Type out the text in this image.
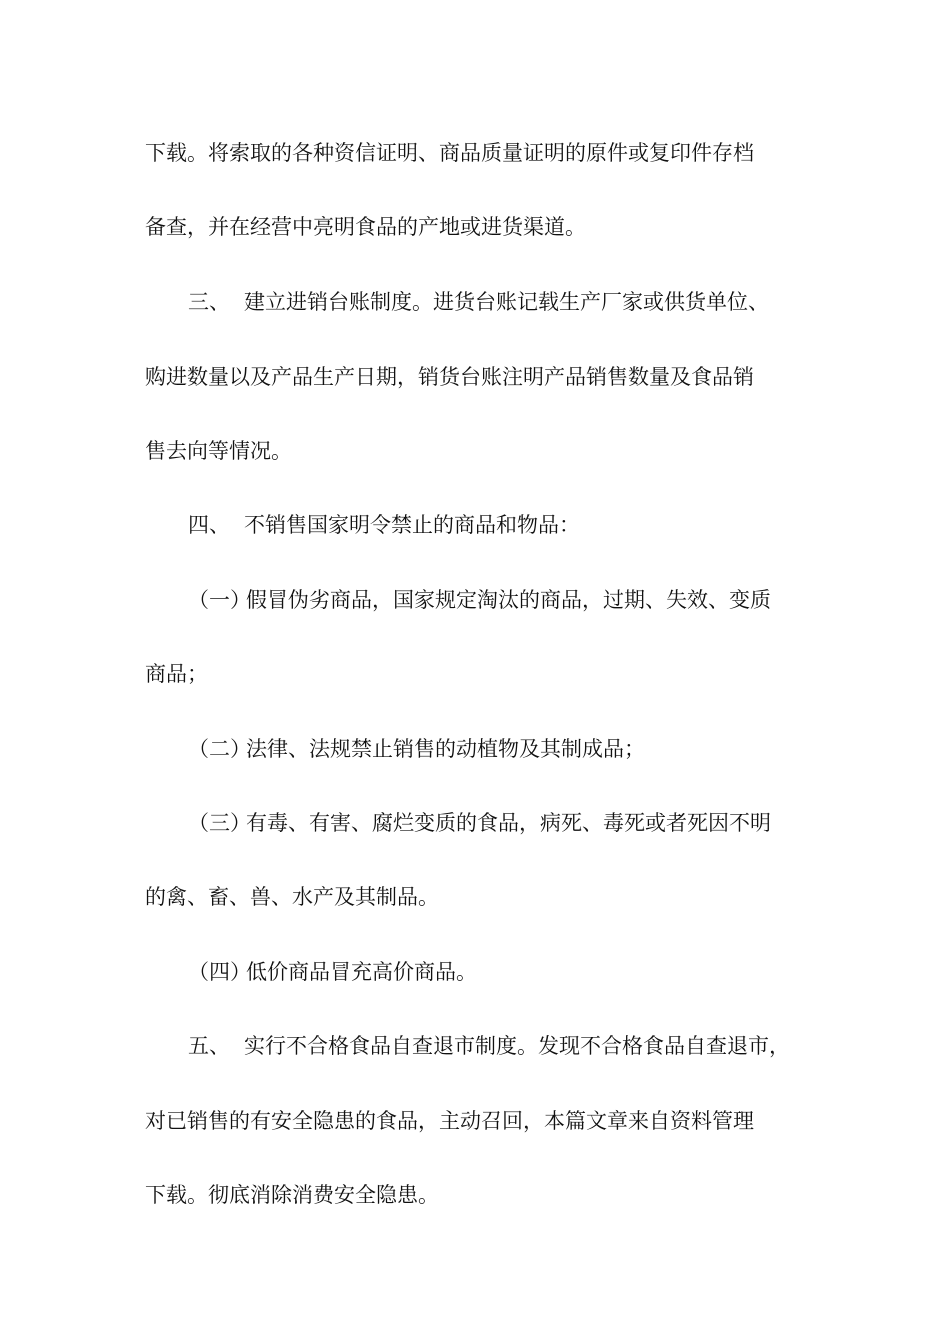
下载。将索取的各种资信证明、商品质量证明的原件或复印件存档
备查，并在经营中亮明食品的产地或进货渠道。
三、 建立进销台账制度。进货台账记载生产厂家或供货单位、
购进数量以及产品生产日期，销货台账注明产品销售数量及食品销
售去向等情况。
四、 不销售国家明令禁止的商品和物品：
（一）假冒伪劣商品，国家规定淘汰的商品，过期、失效、变质
商品；
（二）法律、法规禁止销售的动植物及其制成品；
（三）有毒、有害、腐烂变质的食品，病死、毒死或者死因不明
的禽、畜、兽、水产及其制品。
（四）低价商品冒充高价商品。
五、 实行不合格食品自查退市制度。发现不合格食品自查退市，
对已销售的有安全隐患的食品，主动召回，本篇文章来自资料管理
下载。彻底消除消费安全隐患。
